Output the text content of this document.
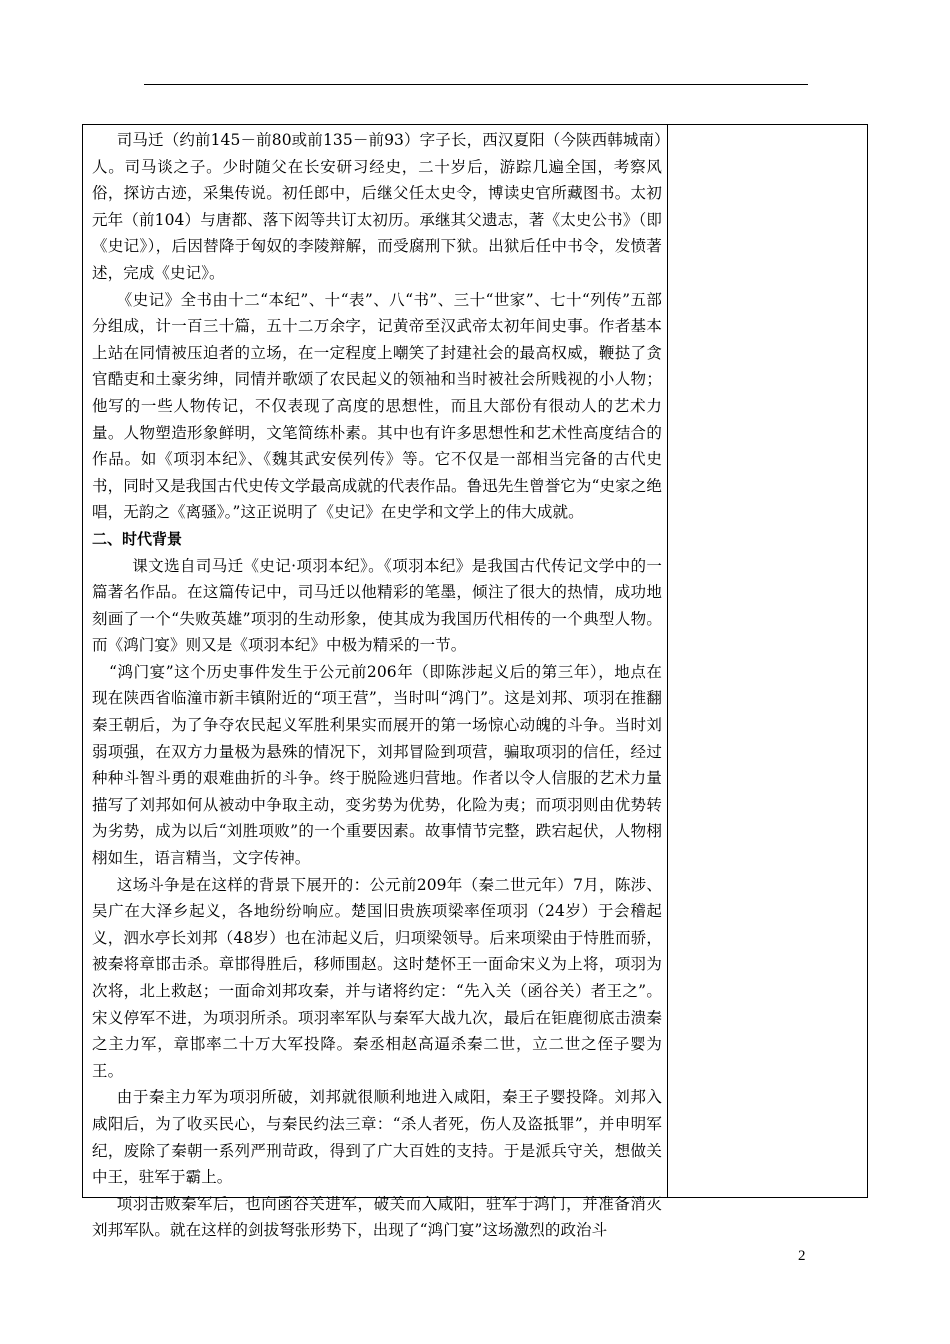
司马迁（约前145－前80或前135－前93）字子长，西汉夏阳（今陕西韩城南）人。司马谈之子。少时随父在长安研习经史，二十岁后，游踪几遍全国，考察风俗，探访古迹，采集传说。初任郎中，后继父任太史令，博读史官所藏图书。太初元年（前104）与唐都、落下闳等共订太初历。承继其父遗志，著《太史公书》（即《史记》），后因替降于匈奴的李陵辩解，而受腐刑下狱。出狱后任中书令，发愤著述，完成《史记》。

《史记》全书由十二“本纪”、十“表”、八“书”、三十“世家”、七十“列传”五部分组成，计一百三十篇，五十二万余字，记黄帝至汉武帝太初年间史事。作者基本上站在同情被压迫者的立场，在一定程度上嘲笑了封建社会的最高权威，鞭挞了贪官酷吏和土豪劣绅，同情并歌颂了农民起义的领袖和当时被社会所贱视的小人物；他写的一些人物传记，不仅表现了高度的思想性，而且大部份有很动人的艺术力量。人物塑造形象鲜明，文笔简练朴素。其中也有许多思想性和艺术性高度结合的作品。如《项羽本纪》、《魏其武安侯列传》等。它不仅是一部相当完备的古代史书，同时又是我国古代史传文学最高成就的代表作品。鲁迅先生曾誉它为“史家之绝唱，无韵之《离骚》。”这正说明了《史记》在史学和文学上的伟大成就。

二、时代背景

课文选自司马迁《史记·项羽本纪》。《项羽本纪》是我国古代传记文学中的一篇著名作品。在这篇传记中，司马迁以他精彩的笔墨，倾注了很大的热情，成功地刻画了一个“失败英雄”项羽的生动形象，使其成为我国历代相传的一个典型人物。而《鸿门宴》则又是《项羽本纪》中极为精采的一节。

“鸿门宴”这个历史事件发生于公元前206年（即陈涉起义后的第三年），地点在现在陕西省临潼市新丰镇附近的“项王营”，当时叫“鸿门”。这是刘邦、项羽在推翻秦王朝后，为了争夺农民起义军胜利果实而展开的第一场惊心动魄的斗争。当时刘弱项强，在双方力量极为悬殊的情况下，刘邦冒险到项营，骗取项羽的信任，经过种种斗智斗勇的艰难曲折的斗争。终于脱险逃归营地。作者以令人信服的艺术力量描写了刘邦如何从被动中争取主动，变劣势为优势，化险为夷；而项羽则由优势转为劣势，成为以后“刘胜项败”的一个重要因素。故事情节完整，跌宕起伏，人物栩栩如生，语言精当，文字传神。

这场斗争是在这样的背景下展开的：公元前209年（秦二世元年）7月，陈涉、吴广在大泽乡起义，各地纷纷响应。楚国旧贵族项梁率侄项羽（24岁）于会稽起义，泗水亭长刘邦（48岁）也在沛起义后，归项梁领导。后来项梁由于恃胜而骄，被秦将章邯击杀。章邯得胜后，移师围赵。这时楚怀王一面命宋义为上将，项羽为次将，北上救赵；一面命刘邦攻秦，并与诸将约定：“先入关（函谷关）者王之”。宋义停军不进，为项羽所杀。项羽率军队与秦军大战九次，最后在钜鹿彻底击溃秦之主力军，章邯率二十万大军投降。秦丞相赵高逼杀秦二世，立二世之侄子婴为王。

由于秦主力军为项羽所破，刘邦就很顺利地进入咸阳，秦王子婴投降。刘邦入咸阳后，为了收买民心，与秦民约法三章：“杀人者死，伤人及盗抵罪”，并申明军纪，废除了秦朝一系列严刑苛政，得到了广大百姓的支持。于是派兵守关，想做关中王，驻军于霸上。

项羽击败秦军后，也向函谷关进军，破关而入咸阳，驻军于鸿门，并准备消灭刘邦军队。就在这样的剑拔弩张形势下，出现了“鸿门宴”这场激烈的政治斗

2
